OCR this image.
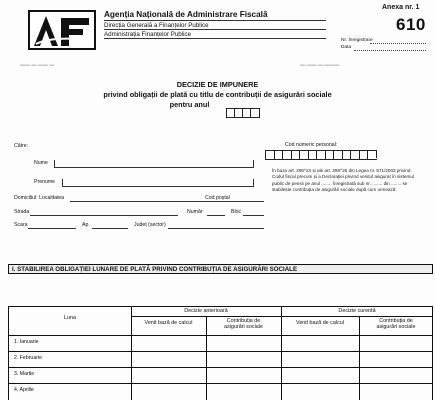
Agenția Națională de Administrare Fiscală
Direcția Generală a Finanțelor Publice
Administrația Finanțelor Publice
Anexa nr. 1
610
Nr. înregistrare
Data
▬ ▬▬ ▬ ▬▬▬
▬▬ ▬ ▬▬ ▬
DECIZIE DE IMPUNERE
privind obligații de plată cu titlu de contribuții de asigurări sociale
pentru anul
Către:
Nume
Prenume
Domiciliul: Localitatea	Cod poștal
Strada	Număr	Bloc
Scara	Ap.	Județ (sector)
Cod numeric personal:
În baza art. 296^24 și ale art. 296^25 din Legea nr. 571/2003 privind Codul fiscal precum și a Declarației privind venitul asigurat în sistemul public de pensii pe anul ........ înregistrată sub nr. ........ din ........ se stabilește contribuția de asigurări sociale după cum urmează:
I. STABILIREA OBLIGAȚIEI LUNARE DE PLATĂ PRIVIND CONTRIBUȚIA DE ASIGURĂRI SOCIALE
Luna
Decizie anterioară	Decizie curentă
Venit bază de calcul	Contribuția de
asigurări sociale
Venit bază de calcul	Contribuția de
asigurări sociale
1. Ianuarie
2. Februarie
3. Martie
4. Aprilie
